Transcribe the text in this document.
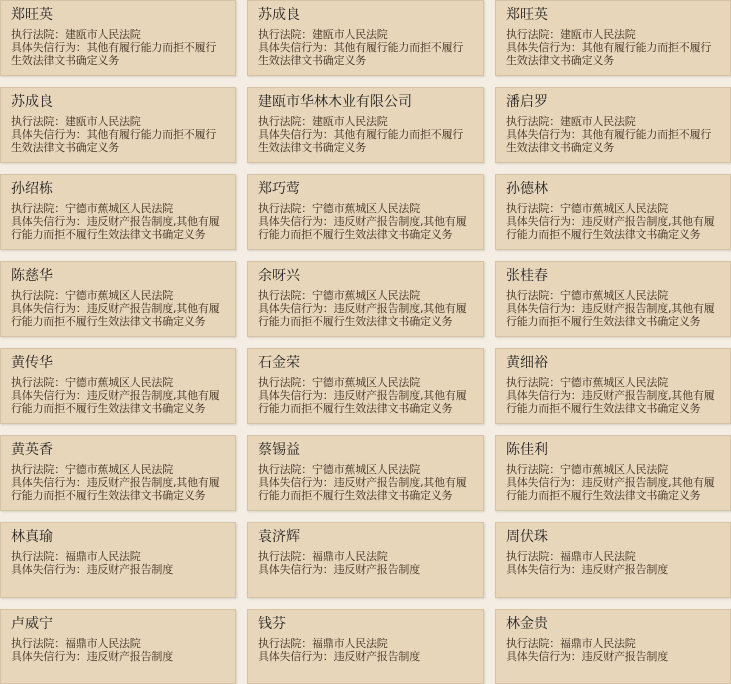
郑旺英
执行法院：建瓯市人民法院
具体失信行为：其他有履行能力而拒不履行生效法律文书确定义务
苏成良
执行法院：建瓯市人民法院
具体失信行为：其他有履行能力而拒不履行生效法律文书确定义务
郑旺英
执行法院：建瓯市人民法院
具体失信行为：其他有履行能力而拒不履行生效法律文书确定义务
苏成良
执行法院：建瓯市人民法院
具体失信行为：其他有履行能力而拒不履行生效法律文书确定义务
建瓯市华林木业有限公司
执行法院：建瓯市人民法院
具体失信行为：其他有履行能力而拒不履行生效法律文书确定义务
潘启罗
执行法院：建瓯市人民法院
具体失信行为：其他有履行能力而拒不履行生效法律文书确定义务
孙绍栋
执行法院：宁德市蕉城区人民法院
具体失信行为：违反财产报告制度,其他有履行能力而拒不履行生效法律文书确定义务
郑巧莺
执行法院：宁德市蕉城区人民法院
具体失信行为：违反财产报告制度,其他有履行能力而拒不履行生效法律文书确定义务
孙德林
执行法院：宁德市蕉城区人民法院
具体失信行为：违反财产报告制度,其他有履行能力而拒不履行生效法律文书确定义务
陈慈华
执行法院：宁德市蕉城区人民法院
具体失信行为：违反财产报告制度,其他有履行能力而拒不履行生效法律文书确定义务
余呀兴
执行法院：宁德市蕉城区人民法院
具体失信行为：违反财产报告制度,其他有履行能力而拒不履行生效法律文书确定义务
张桂春
执行法院：宁德市蕉城区人民法院
具体失信行为：违反财产报告制度,其他有履行能力而拒不履行生效法律文书确定义务
黄传华
执行法院：宁德市蕉城区人民法院
具体失信行为：违反财产报告制度,其他有履行能力而拒不履行生效法律文书确定义务
石金荣
执行法院：宁德市蕉城区人民法院
具体失信行为：违反财产报告制度,其他有履行能力而拒不履行生效法律文书确定义务
黄细裕
执行法院：宁德市蕉城区人民法院
具体失信行为：违反财产报告制度,其他有履行能力而拒不履行生效法律文书确定义务
黄英香
执行法院：宁德市蕉城区人民法院
具体失信行为：违反财产报告制度,其他有履行能力而拒不履行生效法律文书确定义务
蔡锡益
执行法院：宁德市蕉城区人民法院
具体失信行为：违反财产报告制度,其他有履行能力而拒不履行生效法律文书确定义务
陈佳利
执行法院：宁德市蕉城区人民法院
具体失信行为：违反财产报告制度,其他有履行能力而拒不履行生效法律文书确定义务
林真瑜
执行法院：福鼎市人民法院
具体失信行为：违反财产报告制度
袁济辉
执行法院：福鼎市人民法院
具体失信行为：违反财产报告制度
周伏珠
执行法院：福鼎市人民法院
具体失信行为：违反财产报告制度
卢威宁
执行法院：福鼎市人民法院
具体失信行为：违反财产报告制度
钱芬
执行法院：福鼎市人民法院
具体失信行为：违反财产报告制度
林金贵
执行法院：福鼎市人民法院
具体失信行为：违反财产报告制度
